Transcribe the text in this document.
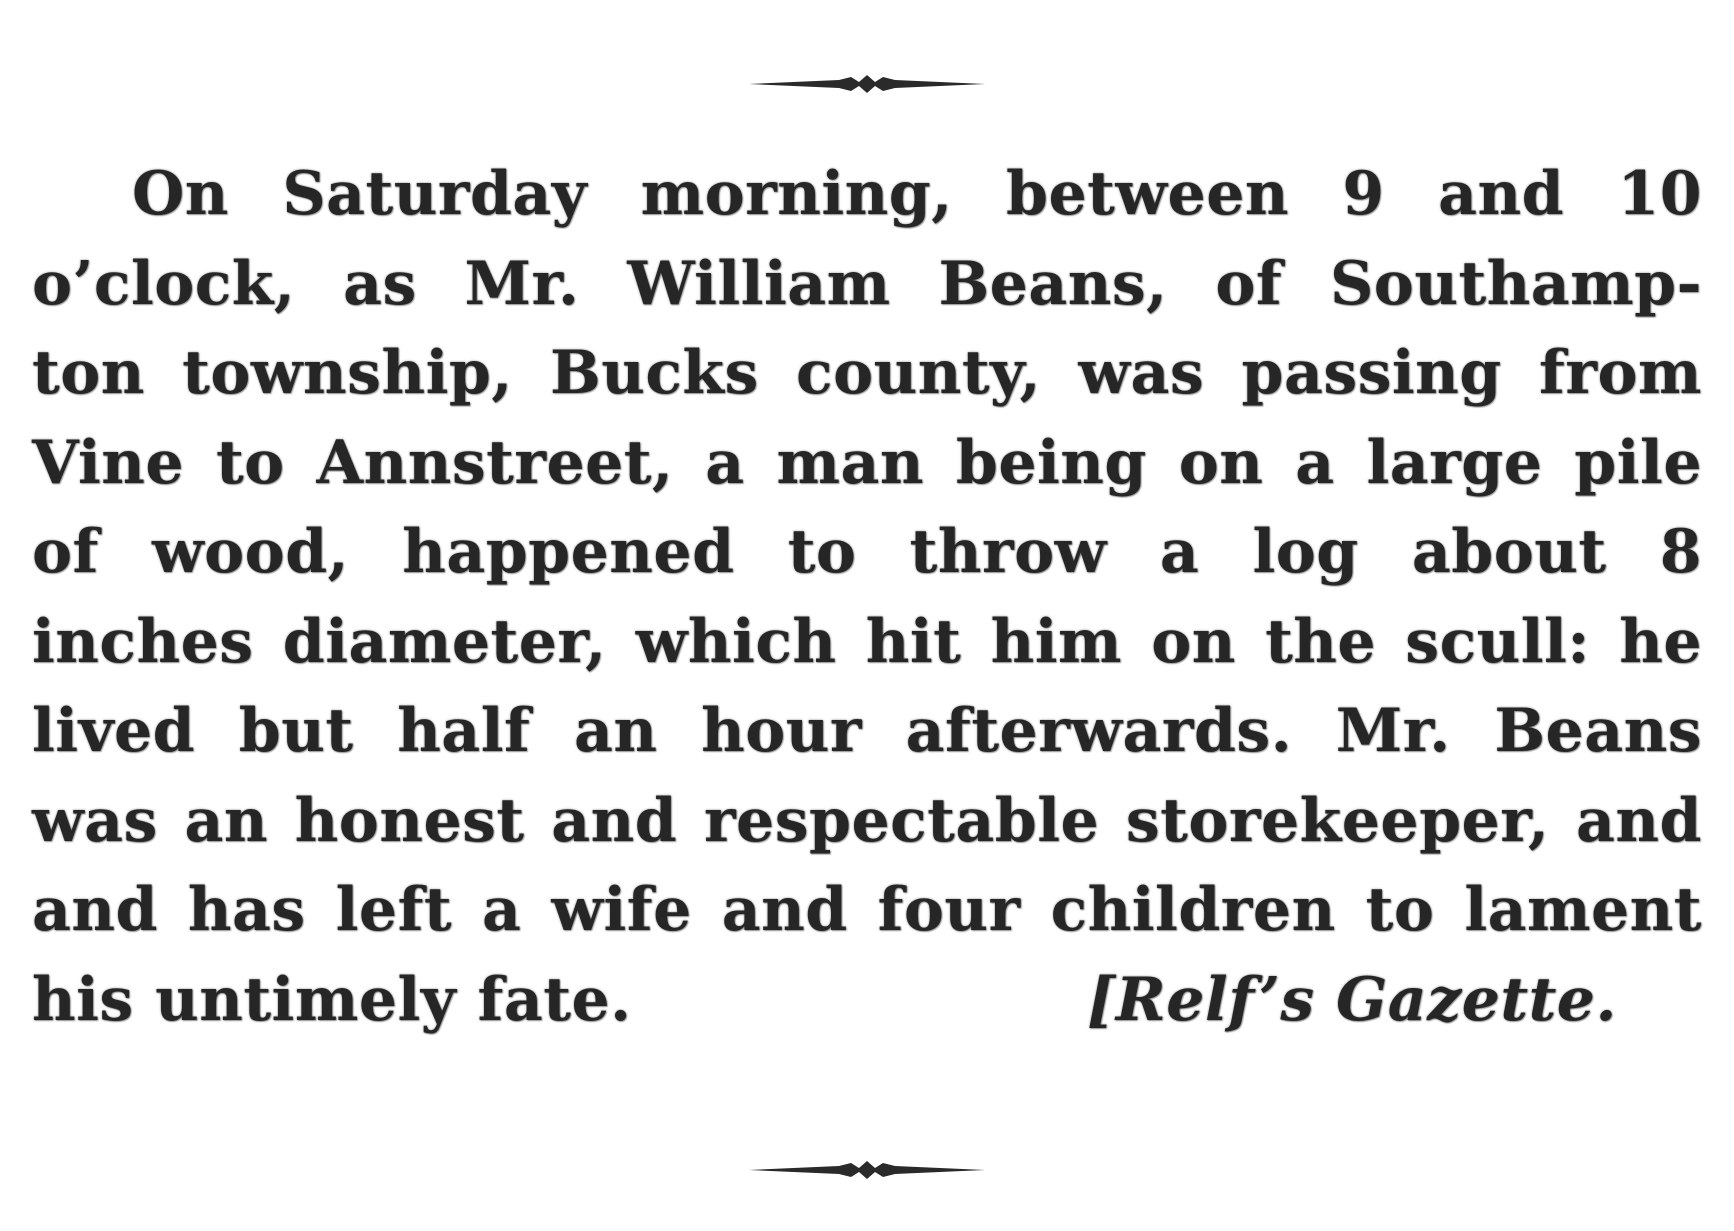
On Saturday morning, between 9 and 10
o’clock, as Mr. William Beans, of Southamp-
ton township, Bucks county, was passing from
Vine to Annstreet, a man being on a large pile
of wood, happened to throw a log about 8
inches diameter, which hit him on the scull: he
lived but half an hour afterwards. Mr. Beans
was an honest and respectable storekeeper, and
and has left a wife and four children to lament
his untimely fate.	[Relf’s Gazette.
